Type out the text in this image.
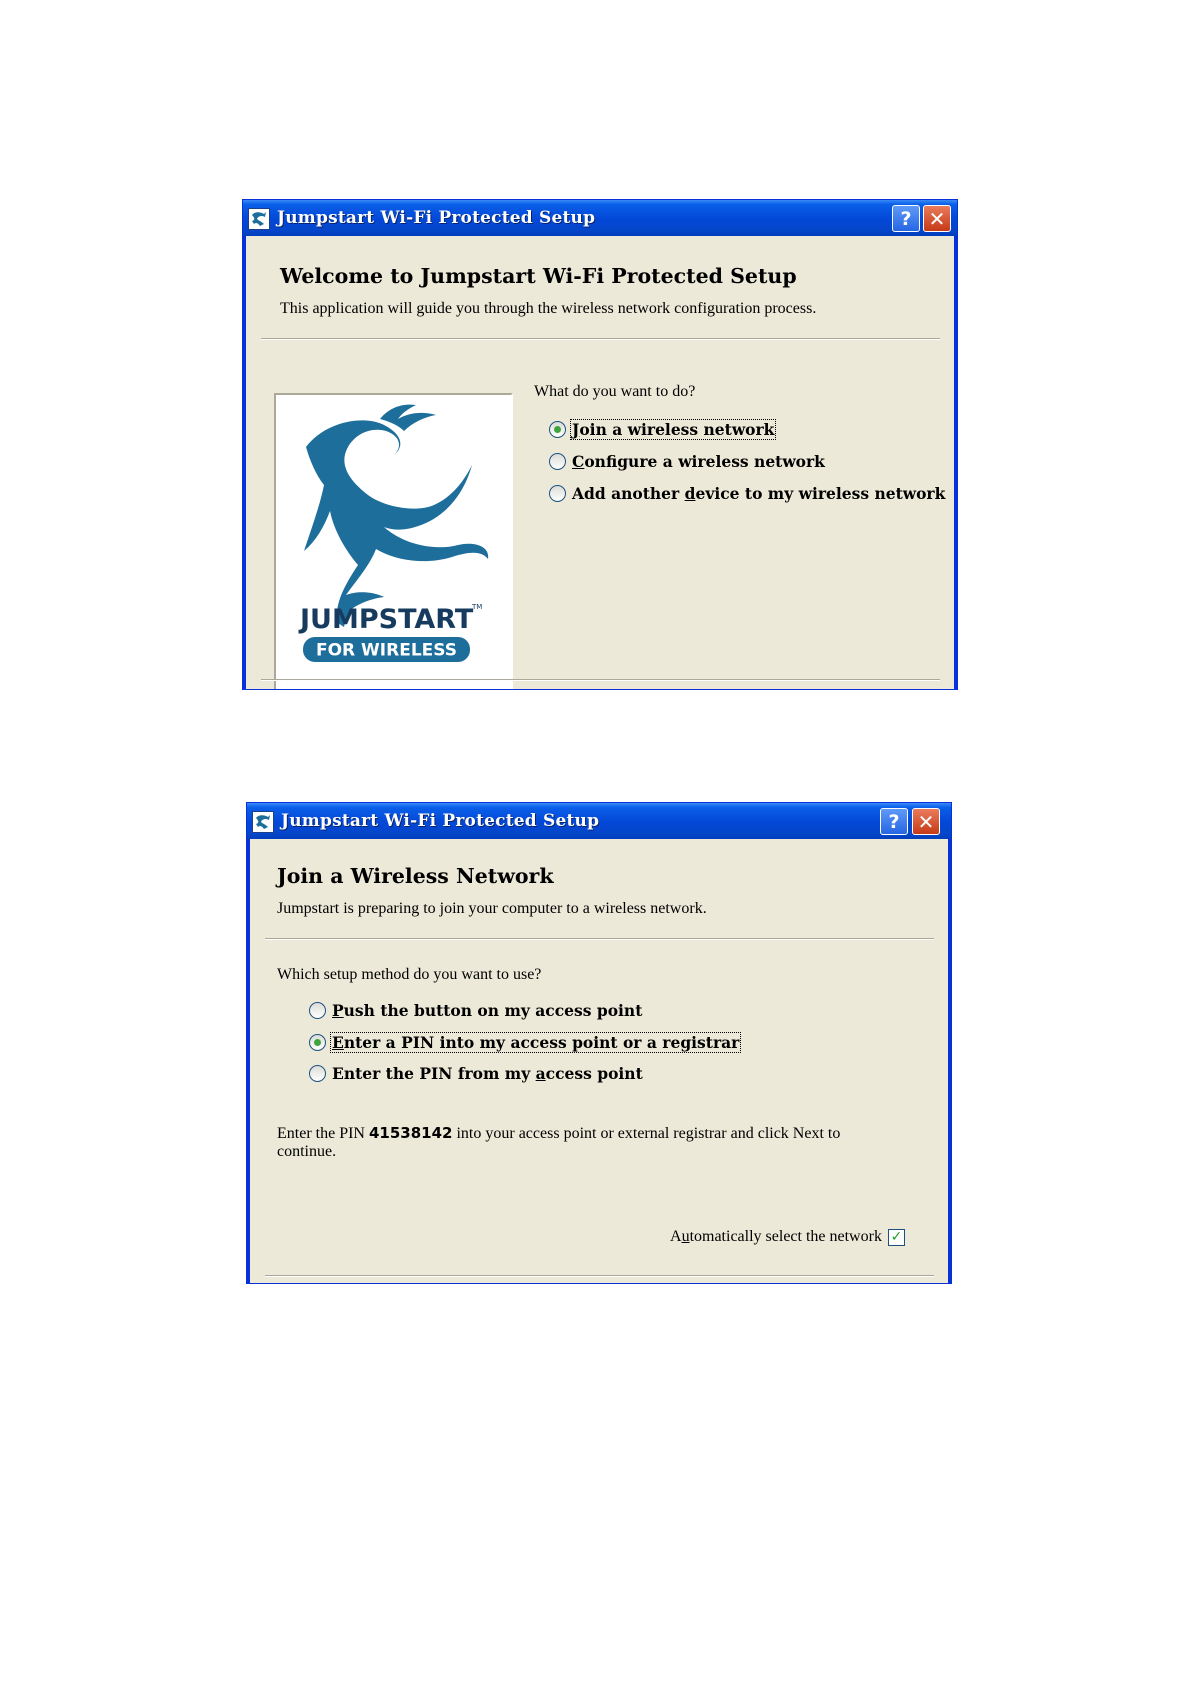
Jumpstart Wi-Fi Protected Setup	? ✕
Welcome to Jumpstart Wi-Fi Protected Setup
This application will guide you through the wireless network configuration process.
JUMPSTART
TM
FOR WIRELESS
What do you want to do?
Join a wireless network
Configure a wireless network
Add another device to my wireless network
Jumpstart Wi-Fi Protected Setup	? ✕
Join a Wireless Network
Jumpstart is preparing to join your computer to a wireless network.
Which setup method do you want to use?
Push the button on my access point
Enter a PIN into my access point or a registrar
Enter the PIN from my access point
Enter the PIN 41538142 into your access point or external registrar and click Next to
continue.
Automatically select the network ✓
